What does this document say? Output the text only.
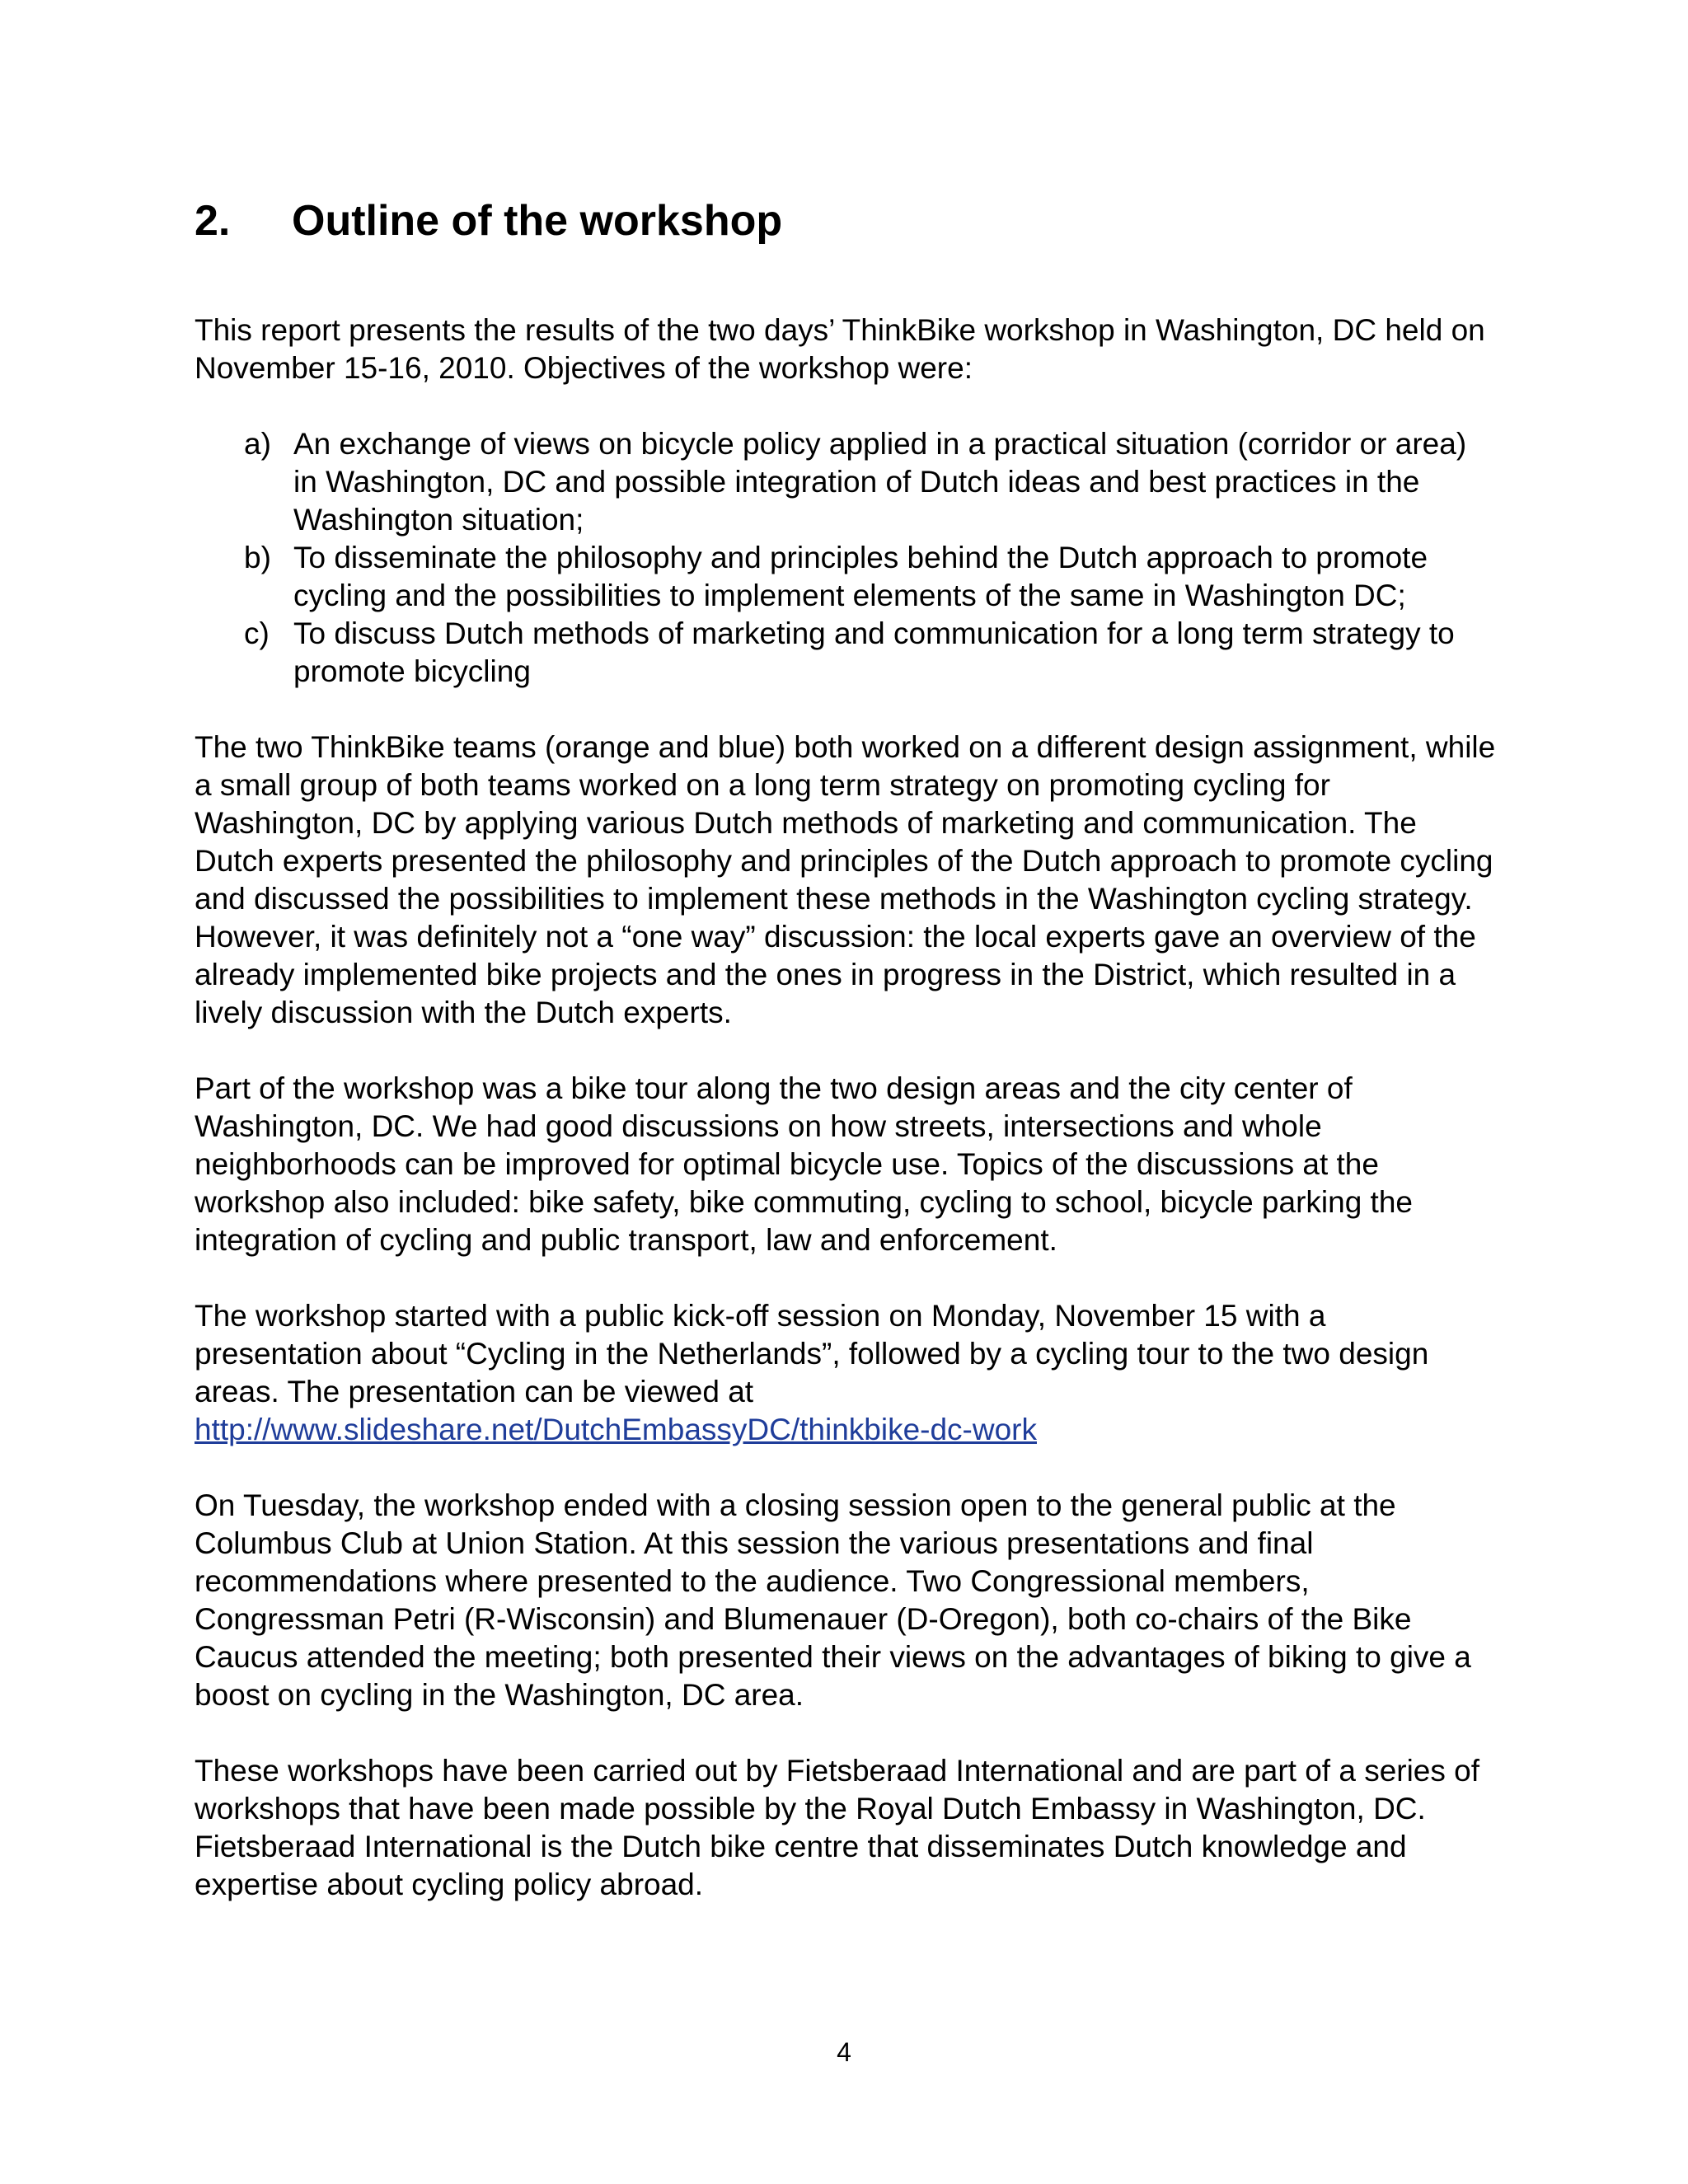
2.	Outline of the workshop

This report presents the results of the two days’ ThinkBike workshop in Washington, DC held on November 15-16, 2010. Objectives of the workshop were:

a) An exchange of views on bicycle policy applied in a practical situation (corridor or area) in Washington, DC and possible integration of Dutch ideas and best practices in the Washington situation;
b) To disseminate the philosophy and principles behind the Dutch approach to promote cycling and the possibilities to implement elements of the same in Washington DC;
c) To discuss Dutch methods of marketing and communication for a long term strategy to promote bicycling

The two ThinkBike teams (orange and blue) both worked on a different design assignment, while a small group of both teams worked on a long term strategy on promoting cycling for Washington, DC by applying various Dutch methods of marketing and communication. The Dutch experts presented the philosophy and principles of the Dutch approach to promote cycling and discussed the possibilities to implement these methods in the Washington cycling strategy. However, it was definitely not a “one way” discussion: the local experts gave an overview of the already implemented bike projects and the ones in progress in the District, which resulted in a lively discussion with the Dutch experts.

Part of the workshop was a bike tour along the two design areas and the city center of Washington, DC. We had good discussions on how streets, intersections and whole neighborhoods can be improved for optimal bicycle use. Topics of the discussions at the workshop also included: bike safety, bike commuting, cycling to school, bicycle parking the integration of cycling and public transport, law and enforcement.

The workshop started with a public kick-off session on Monday, November 15 with a presentation about “Cycling in the Netherlands”, followed by a cycling tour to the two design areas. The presentation can be viewed at
http://www.slideshare.net/DutchEmbassyDC/thinkbike-dc-work

On Tuesday, the workshop ended with a closing session open to the general public at the Columbus Club at Union Station. At this session the various presentations and final recommendations where presented to the audience. Two Congressional members, Congressman Petri (R-Wisconsin) and Blumenauer (D-Oregon), both co-chairs of the Bike Caucus attended the meeting; both presented their views on the advantages of biking to give a boost on cycling in the Washington, DC area.

These workshops have been carried out by Fietsberaad International and are part of a series of workshops that have been made possible by the Royal Dutch Embassy in Washington, DC. Fietsberaad International is the Dutch bike centre that disseminates Dutch knowledge and expertise about cycling policy abroad.

4
